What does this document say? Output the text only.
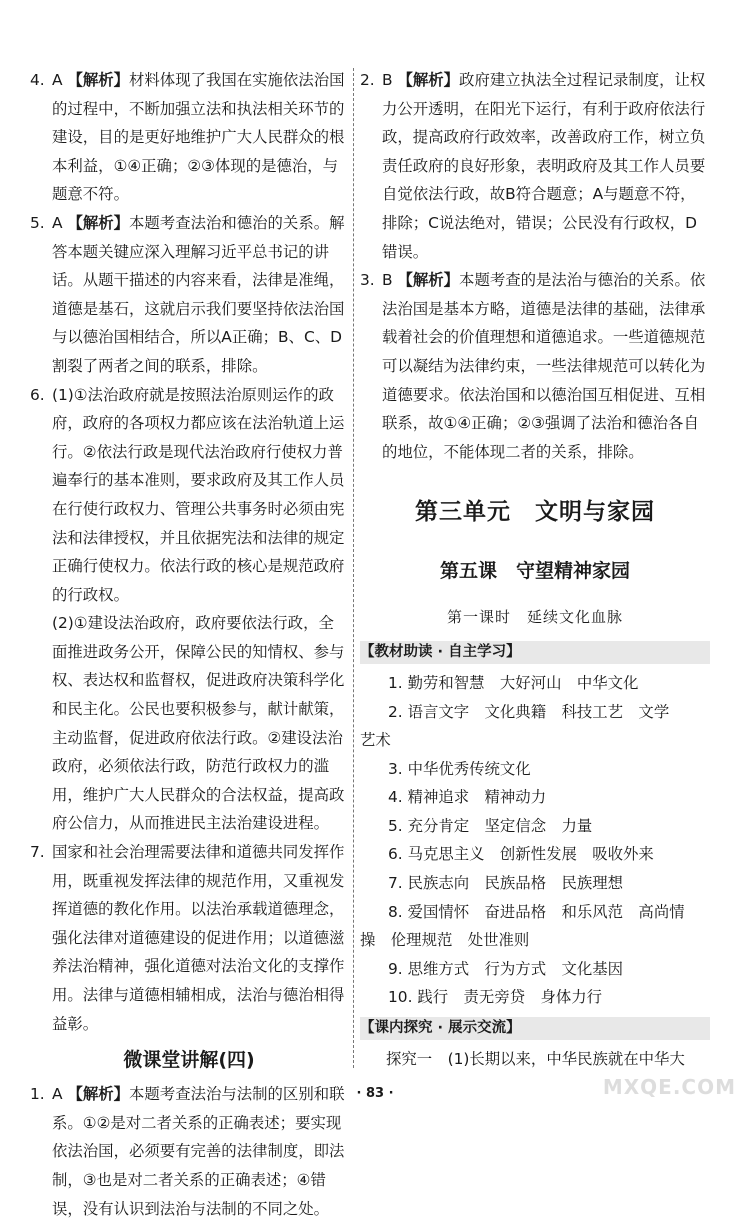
4. A 【解析】材料体现了我国在实施依法治国的过程中，不断加强立法和执法相关环节的建设，目的是更好地维护广大人民群众的根本利益，①④正确；②③体现的是德治，与题意不符。

5. A 【解析】本题考查法治和德治的关系。解答本题关键应深入理解习近平总书记的讲话。从题干描述的内容来看，法律是准绳，道德是基石，这就启示我们要坚持依法治国与以德治国相结合，所以A正确；B、C、D割裂了两者之间的联系，排除。

6. (1)①法治政府就是按照法治原则运作的政府，政府的各项权力都应该在法治轨道上运行。②依法行政是现代法治政府行使权力普遍奉行的基本准则，要求政府及其工作人员在行使行政权力、管理公共事务时必须由宪法和法律授权，并且依据宪法和法律的规定正确行使权力。依法行政的核心是规范政府的行政权。

(2)①建设法治政府，政府要依法行政，全面推进政务公开，保障公民的知情权、参与权、表达权和监督权，促进政府决策科学化和民主化。公民也要积极参与，献计献策，主动监督，促进政府依法行政。②建设法治政府，必须依法行政，防范行政权力的滥用，维护广大人民群众的合法权益，提高政府公信力，从而推进民主法治建设进程。

7. 国家和社会治理需要法律和道德共同发挥作用，既重视发挥法律的规范作用，又重视发挥道德的教化作用。以法治承载道德理念，强化法律对道德建设的促进作用；以道德滋养法治精神，强化道德对法治文化的支撑作用。法律与道德相辅相成，法治与德治相得益彰。

微课堂讲解(四)

1. A 【解析】本题考查法治与法制的区别和联系。①②是对二者关系的正确表述；要实现依法治国，必须要有完善的法律制度，即法制，③也是对二者关系的正确表述；④错误，没有认识到法治与法制的不同之处。

2. B 【解析】政府建立执法全过程记录制度，让权力公开透明，在阳光下运行，有利于政府依法行政，提高政府行政效率，改善政府工作，树立负责任政府的良好形象，表明政府及其工作人员要自觉依法行政，故B符合题意；A与题意不符，排除；C说法绝对，错误；公民没有行政权，D错误。

3. B 【解析】本题考查的是法治与德治的关系。依法治国是基本方略，道德是法律的基础，法律承载着社会的价值理想和道德追求。一些道德规范可以凝结为法律约束，一些法律规范可以转化为道德要求。依法治国和以德治国互相促进、互相联系，故①④正确；②③强调了法治和德治各自的地位，不能体现二者的关系，排除。

第三单元　文明与家园
第五课　守望精神家园
第一课时　延续文化血脉
【教材助读 · 自主学习】

1. 勤劳和智慧　大好河山　中华文化

2. 语言文字　文化典籍　科技工艺　文学

艺术

3. 中华优秀传统文化

4. 精神追求　精神动力

5. 充分肯定　坚定信念　力量

6. 马克思主义　创新性发展　吸收外来

7. 民族志向　民族品格　民族理想

8. 爱国情怀　奋进品格　和乐风范　高尚情

操　伦理规范　处世准则

9. 思维方式　行为方式　文化基因

10. 践行　责无旁贷　身体力行

【课内探究 · 展示交流】

探究一　(1)长期以来，中华民族就在中华大

· 83 ·	MXQE.COM
